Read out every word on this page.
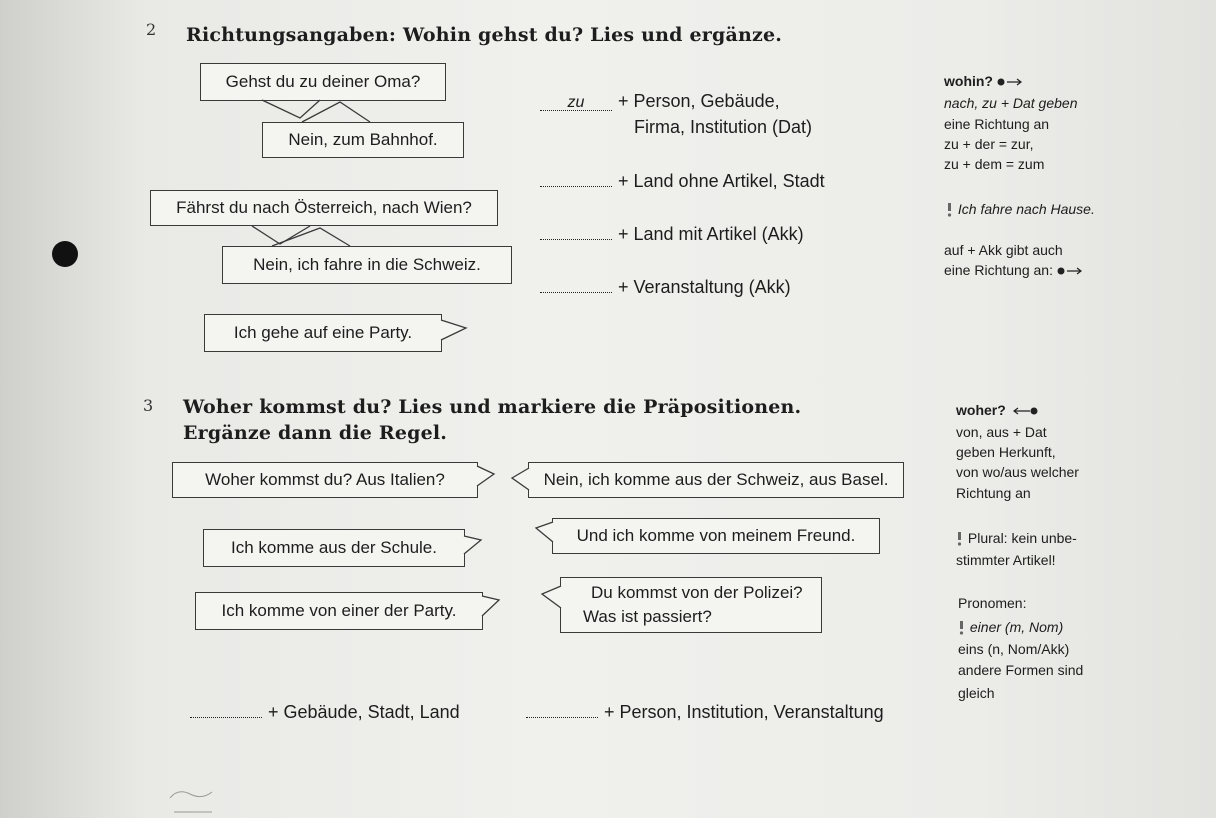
2 Richtungsangaben: Wohin gehst du? Lies und ergänze.
Gehst du zu deiner Oma?
Nein, zum Bahnhof.
Fährst du nach Österreich, nach Wien?
Nein, ich fahre in die Schweiz.
Ich gehe auf eine Party.
zu + Person, Gebäude,
Firma, Institution (Dat)
+ Land ohne Artikel, Stadt
+ Land mit Artikel (Akk)
+ Veranstaltung (Akk)
wohin?
nach, zu + Dat geben
eine Richtung an
zu + der = zur,
zu + dem = zum
Ich fahre nach Hause.
auf + Akk gibt auch
eine Richtung an:
3 Woher kommst du? Lies und markiere die Präpositionen.
Ergänze dann die Regel.
Woher kommst du? Aus Italien?	Nein, ich komme aus der Schweiz, aus Basel.
Ich komme aus der Schule.
Und ich komme von meinem Freund.
Ich komme von einer der Party.
Du kommst von der Polizei?
Was ist passiert?
+ Gebäude, Stadt, Land	+ Person, Institution, Veranstaltung
woher?
von, aus + Dat
geben Herkunft,
von wo/aus welcher
Richtung an
Plural: kein unbe-
stimmter Artikel!
Pronomen:
einer (m, Nom)
eins (n, Nom/Akk)
andere Formen sind
gleich
